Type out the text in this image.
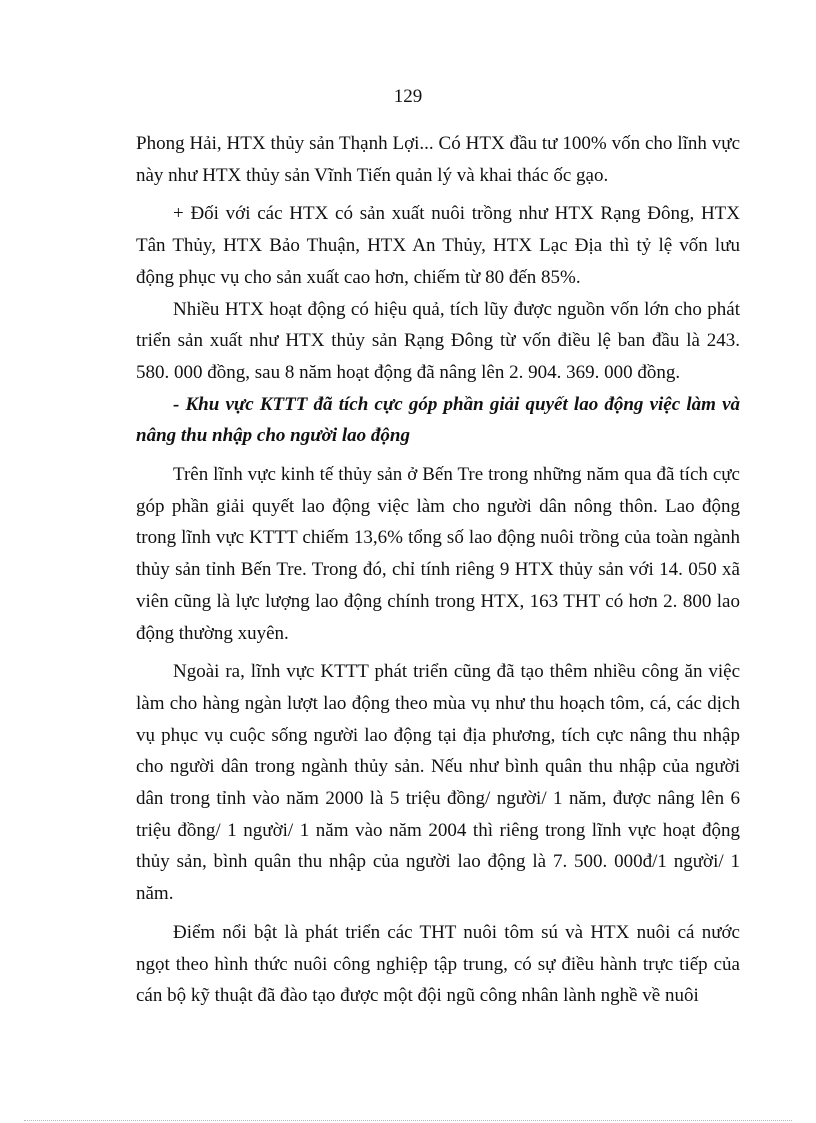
129

Phong Hải, HTX thủy sản Thạnh Lợi... Có HTX đầu tư 100% vốn cho lĩnh vực này như HTX thủy sản Vĩnh Tiến quản lý và khai thác ốc gạo.

+ Đối với các HTX có sản xuất nuôi trồng như HTX Rạng Đông, HTX Tân Thủy, HTX Bảo Thuận, HTX An Thủy, HTX Lạc Địa thì tỷ lệ vốn lưu động phục vụ cho sản xuất cao hơn, chiếm từ 80 đến 85%.

Nhiều HTX hoạt động có hiệu quả, tích lũy được nguồn vốn lớn cho phát triển sản xuất như HTX thủy sản Rạng Đông từ vốn điều lệ ban đầu là 243. 580. 000 đồng, sau 8 năm hoạt động đã nâng lên 2. 904. 369. 000 đồng.

- Khu vực KTTT đã tích cực góp phần giải quyết lao động việc làm và nâng thu nhập cho người lao động

Trên lĩnh vực kinh tế thủy sản ở Bến Tre trong những năm qua đã tích cực góp phần giải quyết lao động việc làm cho người dân nông thôn. Lao động trong lĩnh vực KTTT chiếm 13,6% tổng số lao động nuôi trồng của toàn ngành thủy sản tỉnh Bến Tre. Trong đó, chỉ tính riêng 9 HTX thủy sản với 14. 050 xã viên cũng là lực lượng lao động chính trong HTX, 163 THT có hơn 2. 800 lao động thường xuyên.

Ngoài ra, lĩnh vực KTTT phát triển cũng đã tạo thêm nhiều công ăn việc làm cho hàng ngàn lượt lao động theo mùa vụ như thu hoạch tôm, cá, các dịch vụ phục vụ cuộc sống người lao động tại địa phương, tích cực nâng thu nhập cho người dân trong ngành thủy sản. Nếu như bình quân thu nhập của người dân trong tỉnh vào năm 2000 là 5 triệu đồng/ người/ 1 năm, được nâng lên 6 triệu đồng/ 1 người/ 1 năm vào năm 2004 thì riêng trong lĩnh vực hoạt động thủy sản, bình quân thu nhập của người lao động là 7. 500. 000đ/1 người/ 1 năm.

Điểm nổi bật là phát triển các THT nuôi tôm sú và HTX nuôi cá nước ngọt theo hình thức nuôi công nghiệp tập trung, có sự điều hành trực tiếp của cán bộ kỹ thuật đã đào tạo được một đội ngũ công nhân lành nghề về nuôi
